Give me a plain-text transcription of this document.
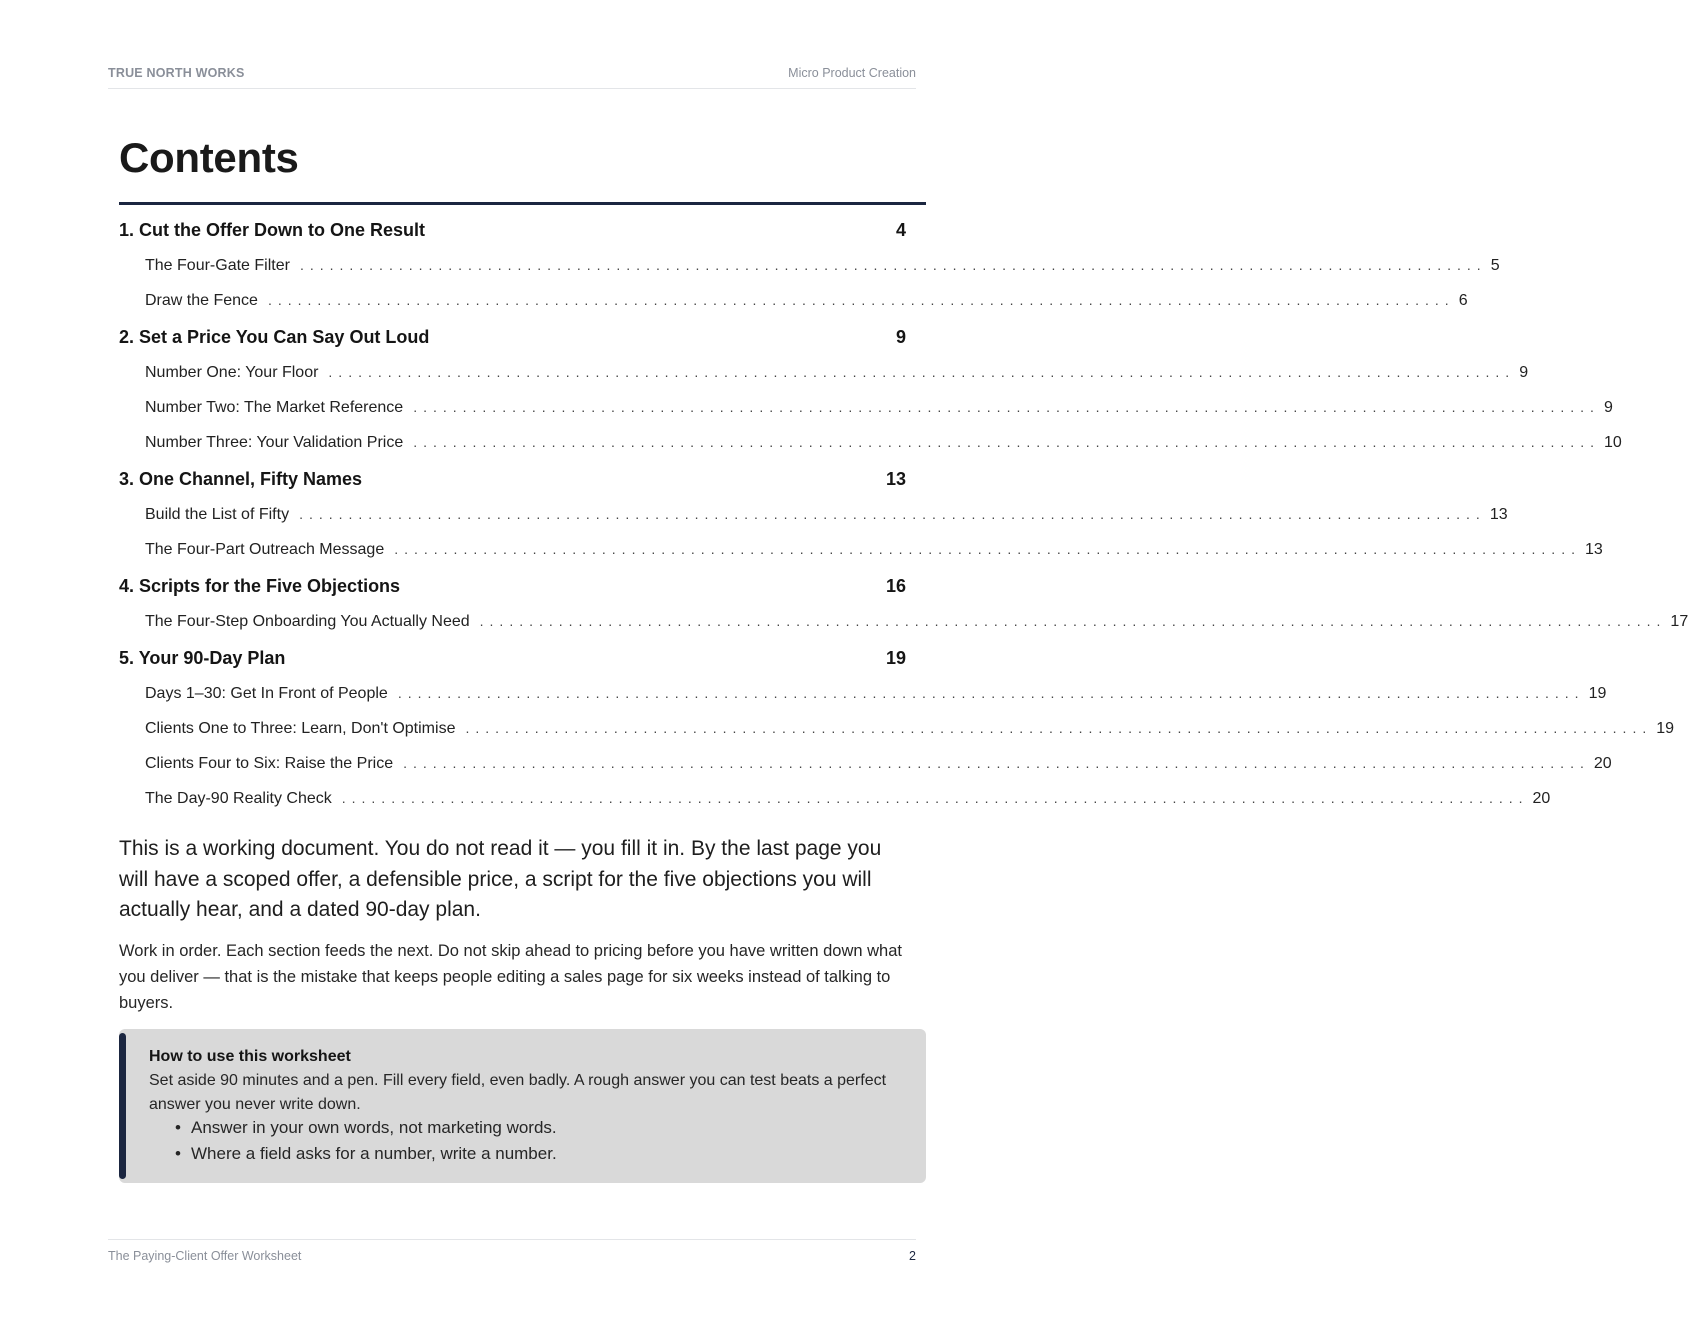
TRUE NORTH WORKS	Micro Product Creation
Contents
1. Cut the Offer Down to One Result	4
The Four-Gate Filter ........................................................................................................................ 5
Draw the Fence ........................................................................................................................ 6
2. Set a Price You Can Say Out Loud	9
Number One: Your Floor ........................................................................................................................ 9
Number Two: The Market Reference ........................................................................................................................ 9
Number Three: Your Validation Price ........................................................................................................................ 10
3. One Channel, Fifty Names	13
Build the List of Fifty ........................................................................................................................ 13
The Four-Part Outreach Message ........................................................................................................................ 13
4. Scripts for the Five Objections	16
The Four-Step Onboarding You Actually Need ........................................................................................................................ 17
5. Your 90-Day Plan	19
Days 1–30: Get In Front of People ........................................................................................................................ 19
Clients One to Three: Learn, Don't Optimise ........................................................................................................................ 19
Clients Four to Six: Raise the Price ........................................................................................................................ 20
The Day-90 Reality Check ........................................................................................................................ 20

This is a working document. You do not read it — you fill it in. By the last page you will have a scoped offer, a defensible price, a script for the five objections you will actually hear, and a dated 90-day plan.

Work in order. Each section feeds the next. Do not skip ahead to pricing before you have written down what you deliver — that is the mistake that keeps people editing a sales page for six weeks instead of talking to buyers.

How to use this worksheet

Set aside 90 minutes and a pen. Fill every field, even badly. A rough answer you can test beats a perfect answer you never write down.

• Answer in your own words, not marketing words.
• Where a field asks for a number, write a number.
The Paying-Client Offer Worksheet	2
